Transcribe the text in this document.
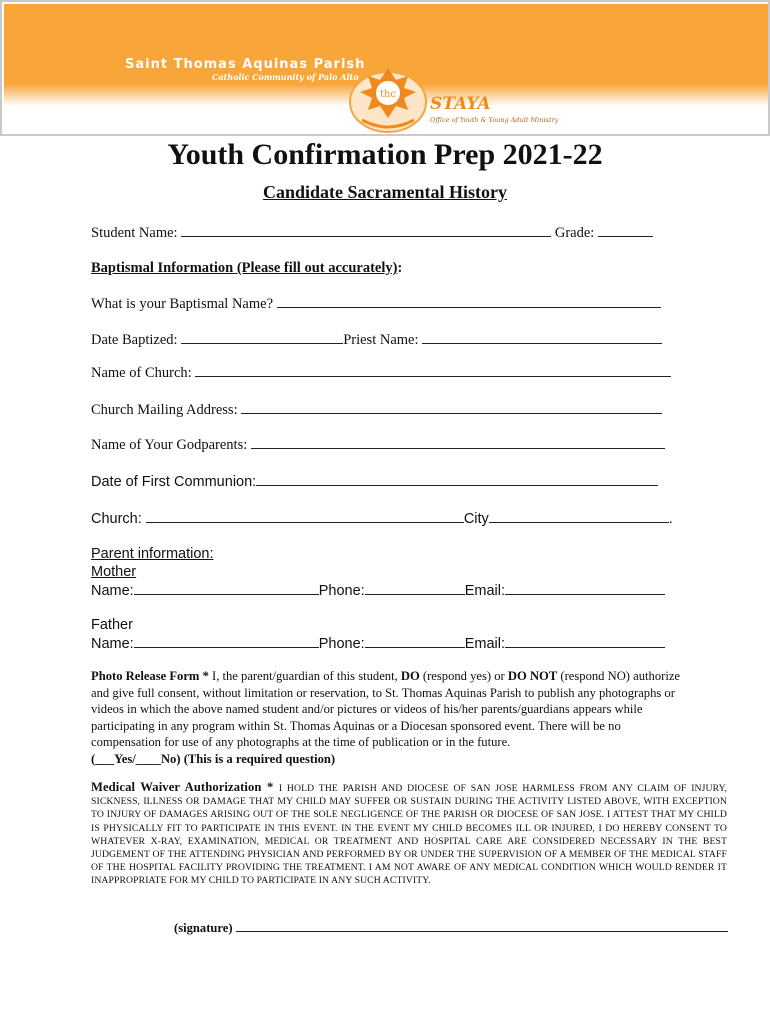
Saint Thomas Aquinas Parish
Catholic Community of Palo Alto
thc STAYA
Office of Youth & Young Adult Ministry
Youth Confirmation Prep 2021-22
Candidate Sacramental History
Student Name:	Grade:
Baptismal Information (Please fill out accurately):
What is your Baptismal Name?
Date Baptized:	Priest Name:
Name of Church:
Church Mailing Address:
Name of Your Godparents:
Date of First Communion:
Church:	City	.
Parent information:
Mother
Name:	Phone:	Email:
Father
Name:	Phone:	Email:
Photo Release Form * I, the parent/guardian of this student, DO (respond yes) or DO NOT (respond NO) authorize and give full consent, without limitation or reservation, to St. Thomas Aquinas Parish to publish any photographs or videos in which the above named student and/or pictures or videos of his/her parents/guardians appears while participating in any program within St. Thomas Aquinas or a Diocesan sponsored event. There will be no compensation for use of any photographs at the time of publication or in the future.
(___Yes/____No) (This is a required question)
Medical Waiver Authorization * I HOLD THE PARISH AND DIOCESE OF SAN JOSE HARMLESS FROM ANY CLAIM OF INJURY, SICKNESS, ILLNESS OR DAMAGE THAT MY CHILD MAY SUFFER OR SUSTAIN DURING THE ACTIVITY LISTED ABOVE, WITH EXCEPTION TO INJURY OF DAMAGES ARISING OUT OF THE SOLE NEGLIGENCE OF THE PARISH OR DIOCESE OF SAN JOSE. I ATTEST THAT MY CHILD IS PHYSICALLY FIT TO PARTICIPATE IN THIS EVENT. IN THE EVENT MY CHILD BECOMES ILL OR INJURED, I DO HEREBY CONSENT TO WHATEVER X-RAY, EXAMINATION, MEDICAL OR TREATMENT AND HOSPITAL CARE ARE CONSIDERED NECESSARY IN THE BEST JUDGEMENT OF THE ATTENDING PHYSICIAN AND PERFORMED BY OR UNDER THE SUPERVISION OF A MEMBER OF THE MEDICAL STAFF OF THE HOSPITAL FACILITY PROVIDING THE TREATMENT. I AM NOT AWARE OF ANY MEDICAL CONDITION WHICH WOULD RENDER IT INAPPROPRIATE FOR MY CHILD TO PARTICIPATE IN ANY SUCH ACTIVITY.
(signature)
